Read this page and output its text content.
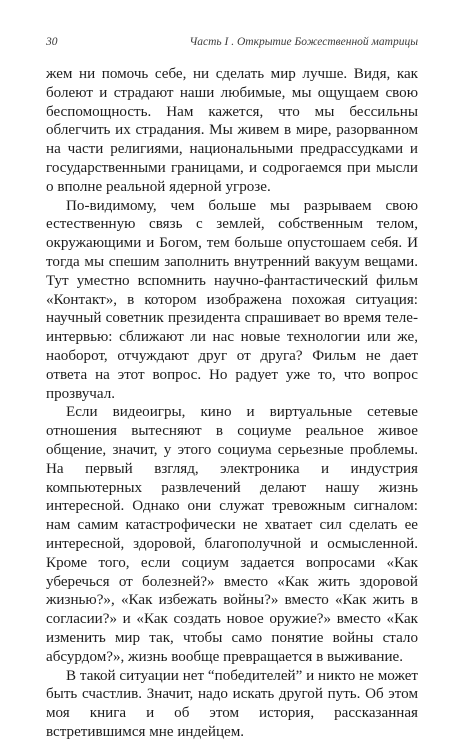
30	Часть I . Открытие Божественной матрицы

жем ни помочь себе, ни сделать мир лучше. Видя, как болеют и страдают наши любимые, мы ощущаем свою беспомощность. Нам кажется, что мы бессильны облегчить их страдания. Мы живем в мире, разорванном на части религиями, национальными предрассудками и государственными границами, и содрогаемся при мысли о вполне реальной ядерной угрозе.

По-видимому, чем больше мы разрываем свою естественную связь с землей, собственным телом, окружающими и Богом, тем больше опустошаем себя. И тогда мы спешим заполнить внутренний вакуум вещами. Тут уместно вспомнить научно-фантастический фильм «Контакт», в котором изображена похожая ситуация: научный советник президента спрашивает во время теле-интервью: сближают ли нас новые технологии или же, наоборот, отчуждают друг от друга? Фильм не дает ответа на этот вопрос. Но радует уже то, что вопрос прозвучал.

Если видеоигры, кино и виртуальные сетевые отношения вытесняют в социуме реальное живое общение, значит, у этого социума серьезные проблемы. На первый взгляд, электроника и индустрия компьютерных развлечений делают нашу жизнь интересной. Однако они служат тревожным сигналом: нам самим катастрофически не хватает сил сделать ее интересной, здоровой, благополучной и осмысленной. Кроме того, если социум задается вопросами «Как уберечься от болезней?» вместо «Как жить здоровой жизнью?», «Как избежать войны?» вместо «Как жить в согласии?» и «Как создать новое оружие?» вместо «Как изменить мир так, чтобы само понятие войны стало абсурдом?», жизнь вообще превращается в выживание.

В такой ситуации нет “победителей” и никто не может быть счастлив. Значит, надо искать другой путь. Об этом моя книга и об этом история, рассказанная встретившимся мне индейцем.
